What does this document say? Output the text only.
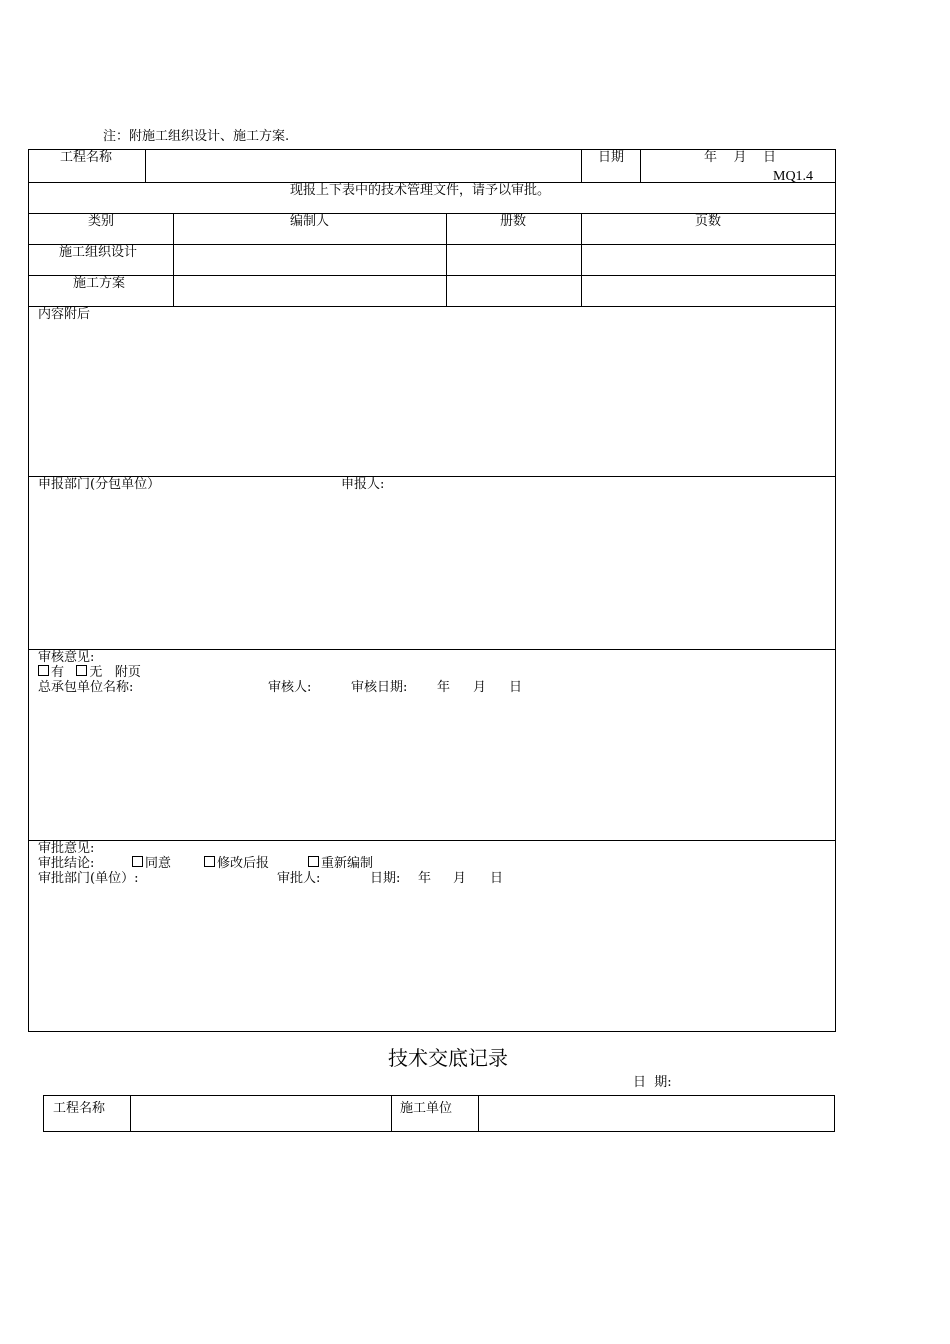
注：附施工组织设计、施工方案.
工程名称	日期	年    月    日
MQ1.4
现报上下表中的技术管理文件，请予以审批。
类别	编制人	册数	页数
施工组织设计
施工方案
内容附后
申报部门(分包单位）	申报人:
审核意见:
有 无 附页
总承包单位名称:	审核人:	审核日期: 年 月 日
审批意见:
审批结论:	同意	修改后报	重新编制
审批部门(单位）:	审批人:	日期: 年 月 日
技术交底记录
日  期:
工程名称	施工单位
